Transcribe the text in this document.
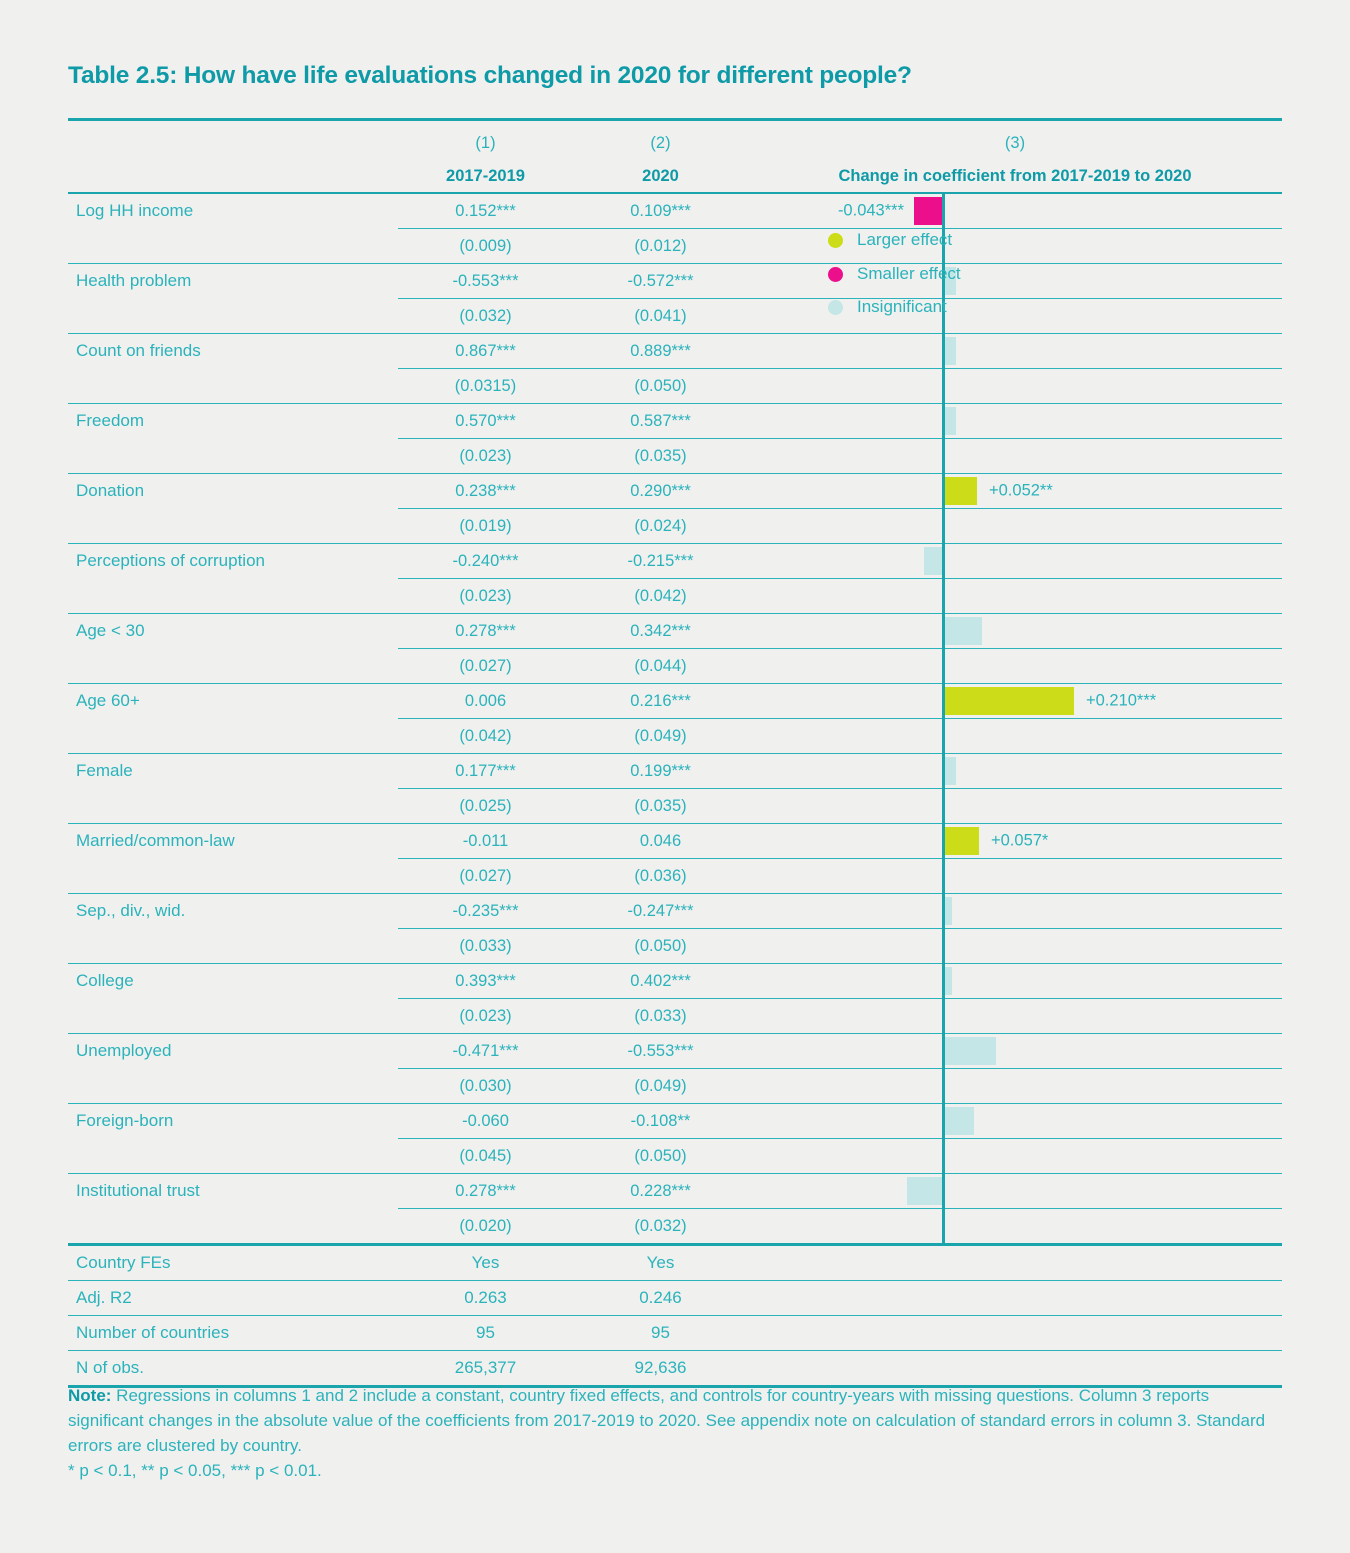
Table 2.5: How have life evaluations changed in 2020 for different people?
	(1)	(2)	(3)
	2017-2019	2020	Change in coefficient from 2017-2019 to 2020
Log HH income	0.152***	0.109***	-0.043***

	(0.009)	(0.012)	

Health problem	-0.553***	-0.572***	

	(0.032)	(0.041)	

Count on friends	0.867***	0.889***	

	(0.0315)	(0.050)	

Freedom	0.570***	0.587***	

	(0.023)	(0.035)	

Donation	0.238***	0.290***	+0.052**

	(0.019)	(0.024)	

Perceptions of corruption	-0.240***	-0.215***	

	(0.023)	(0.042)	

Age < 30	0.278***	0.342***	

	(0.027)	(0.044)	

Age 60+	0.006	0.216***	+0.210***

	(0.042)	(0.049)	

Female	0.177***	0.199***	

	(0.025)	(0.035)	

Married/common-law	-0.011	0.046	+0.057*

	(0.027)	(0.036)	

Sep., div., wid.	-0.235***	-0.247***	

	(0.033)	(0.050)	

College	0.393***	0.402***	

	(0.023)	(0.033)	

Unemployed	-0.471***	-0.553***	

	(0.030)	(0.049)	

Foreign-born	-0.060	-0.108**	

	(0.045)	(0.050)	

Institutional trust	0.278***	0.228***	

	(0.020)	(0.032)	

Country FEs	Yes	Yes	
Adj. R2	0.263	0.246	
Number of countries	95	95	
N of obs.	265,377	92,636	
Larger effect
Smaller effect
Insignificant
Note: Regressions in columns 1 and 2 include a constant, country fixed effects, and controls for country-years with missing questions. Column 3 reports significant changes in the absolute value of the coefficients from 2017-2019 to 2020. See appendix note on calculation of standard errors in column 3. Standard errors are clustered by country.
* p < 0.1, ** p < 0.05, *** p < 0.01.
